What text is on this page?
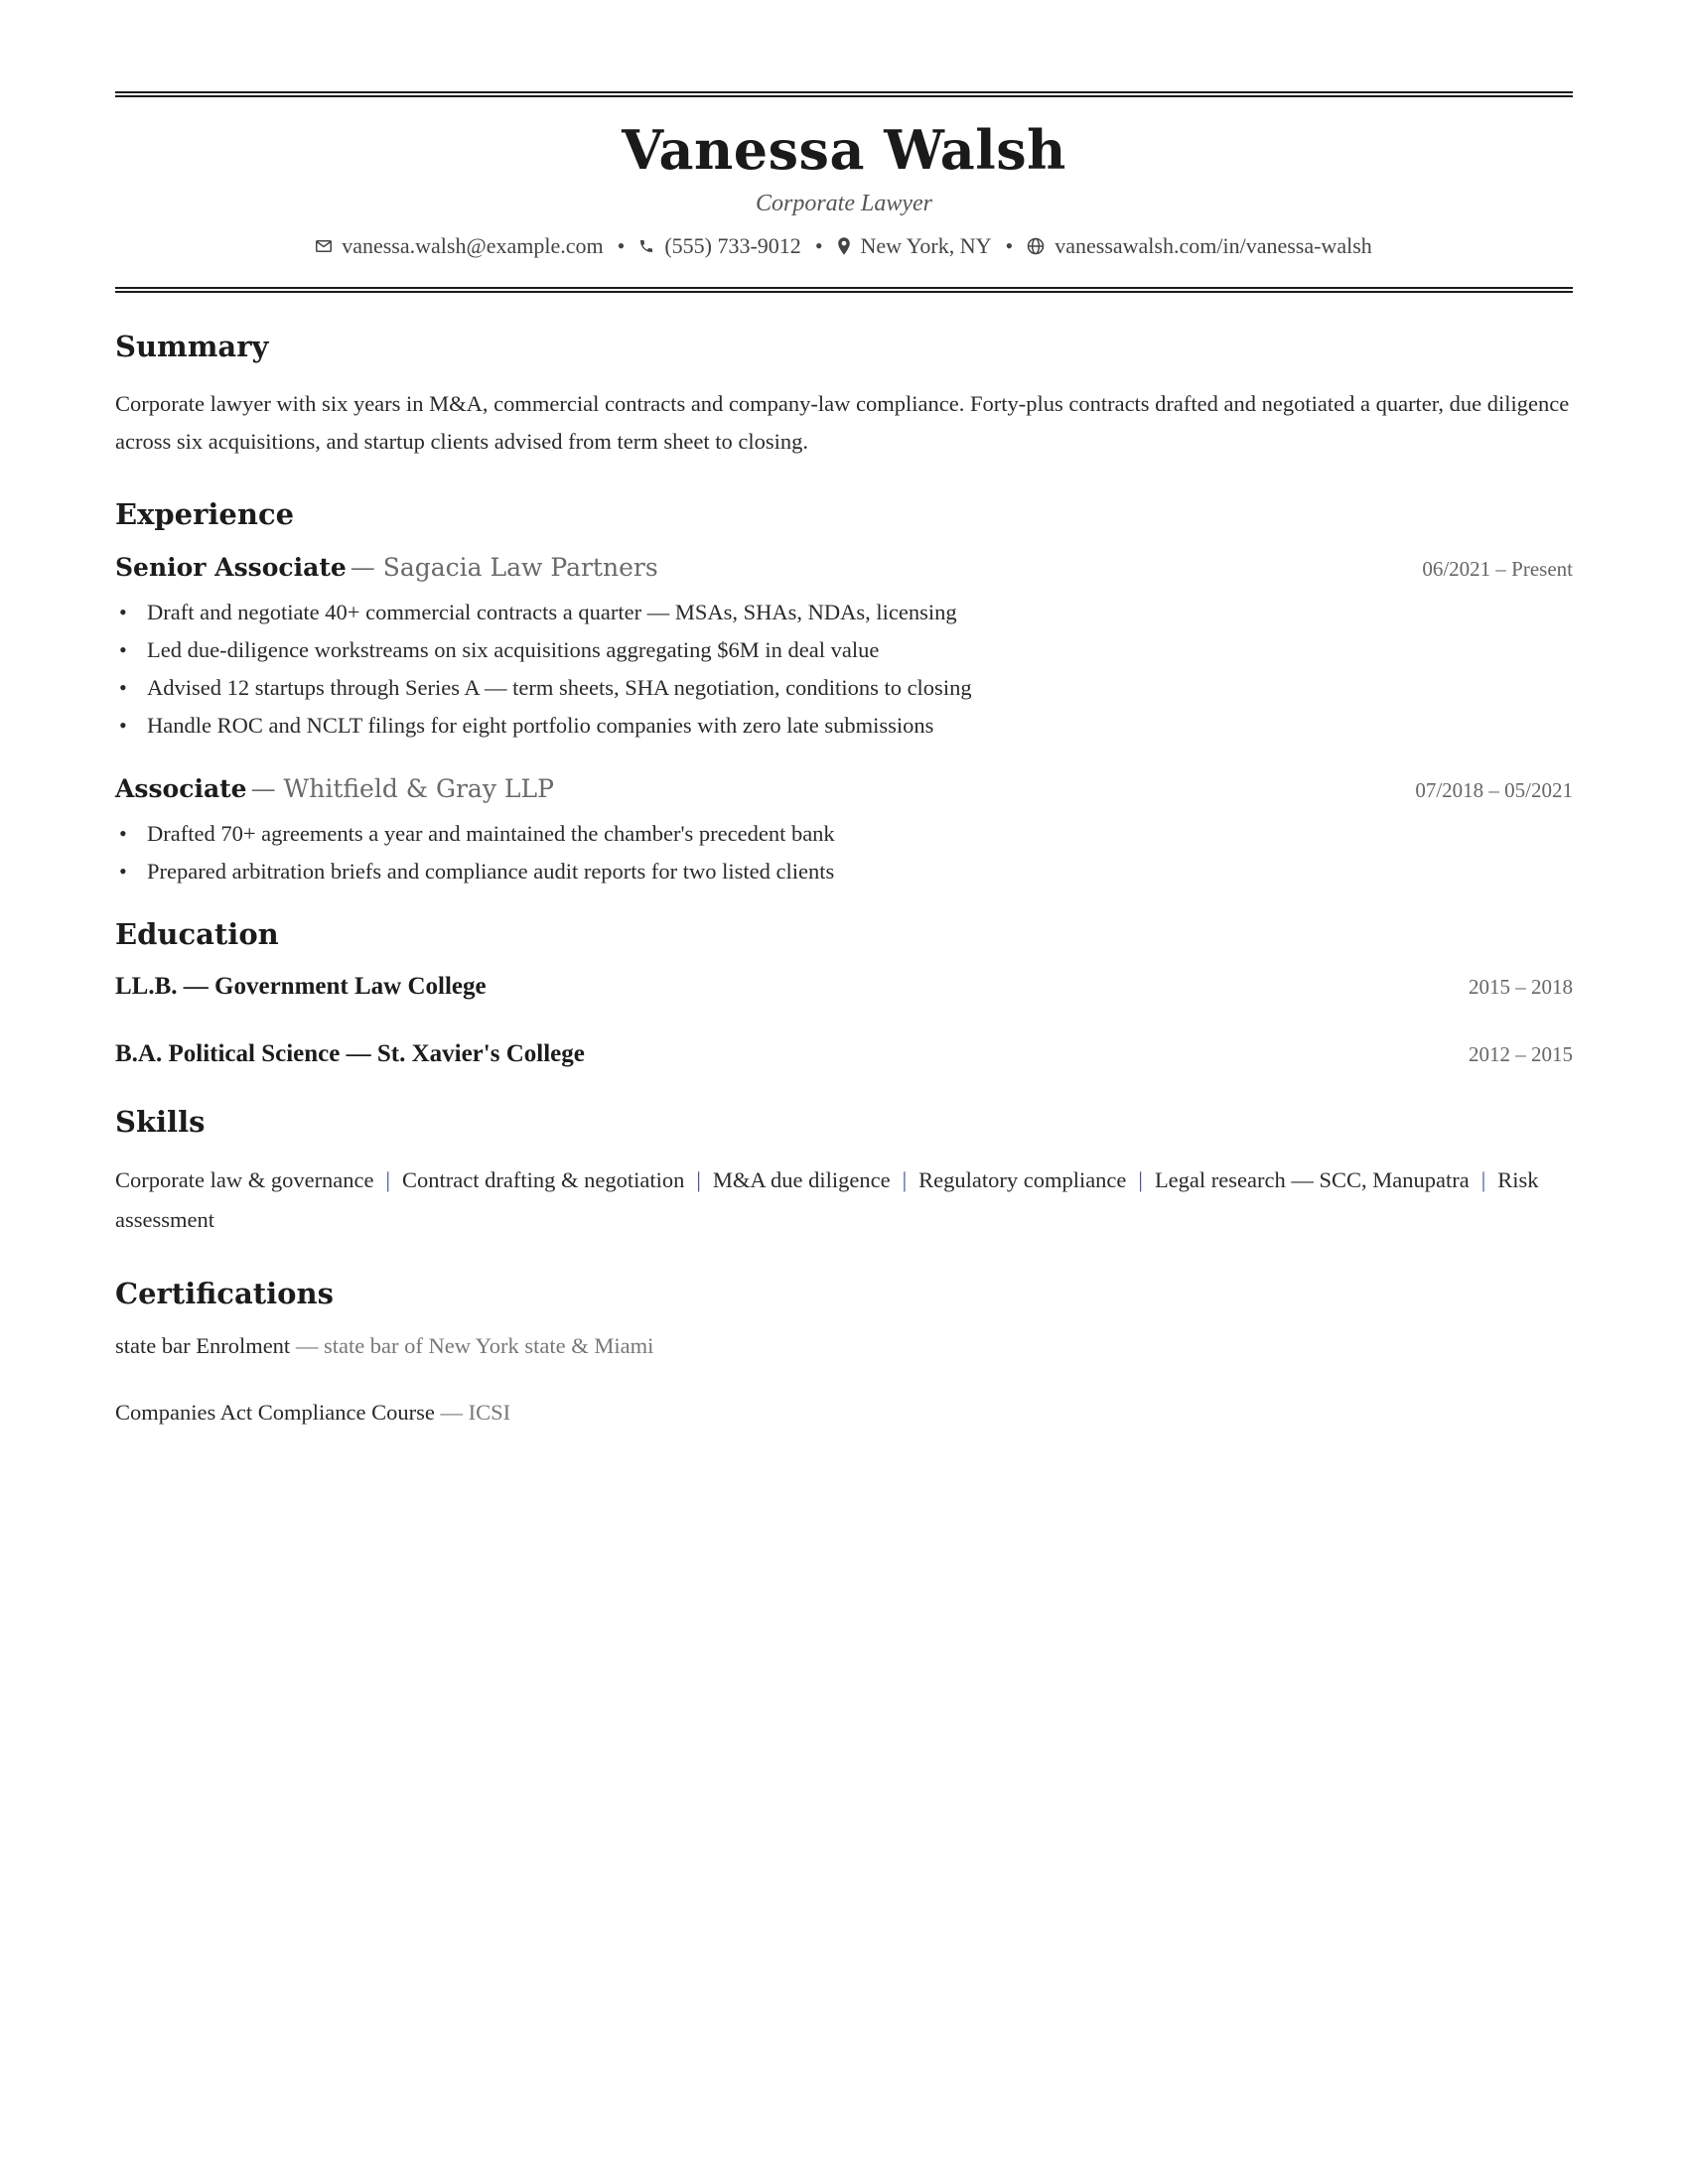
Vanessa Walsh
Corporate Lawyer
vanessa.walsh@example.com • (555) 733-9012 • New York, NY • vanessawalsh.com/in/vanessa-walsh
Summary

Corporate lawyer with six years in M&A, commercial contracts and company-law compliance. Forty-plus contracts drafted and negotiated a quarter, due diligence across six acquisitions, and startup clients advised from term sheet to closing.

Experience
Senior Associate — Sagacia Law Partners	06/2021 – Present
• Draft and negotiate 40+ commercial contracts a quarter — MSAs, SHAs, NDAs, licensing
• Led due-diligence workstreams on six acquisitions aggregating $6M in deal value
• Advised 12 startups through Series A — term sheets, SHA negotiation, conditions to closing
• Handle ROC and NCLT filings for eight portfolio companies with zero late submissions
Associate — Whitfield & Gray LLP	07/2018 – 05/2021
• Drafted 70+ agreements a year and maintained the chamber's precedent bank
• Prepared arbitration briefs and compliance audit reports for two listed clients
Education
LL.B. — Government Law College	2015 – 2018
B.A. Political Science — St. Xavier's College	2012 – 2015
Skills

Corporate law & governance | Contract drafting & negotiation | M&A due diligence | Regulatory compliance | Legal research — SCC, Manupatra | Risk assessment

Certifications
state bar Enrolment — state bar of New York state & Miami
Companies Act Compliance Course — ICSI
